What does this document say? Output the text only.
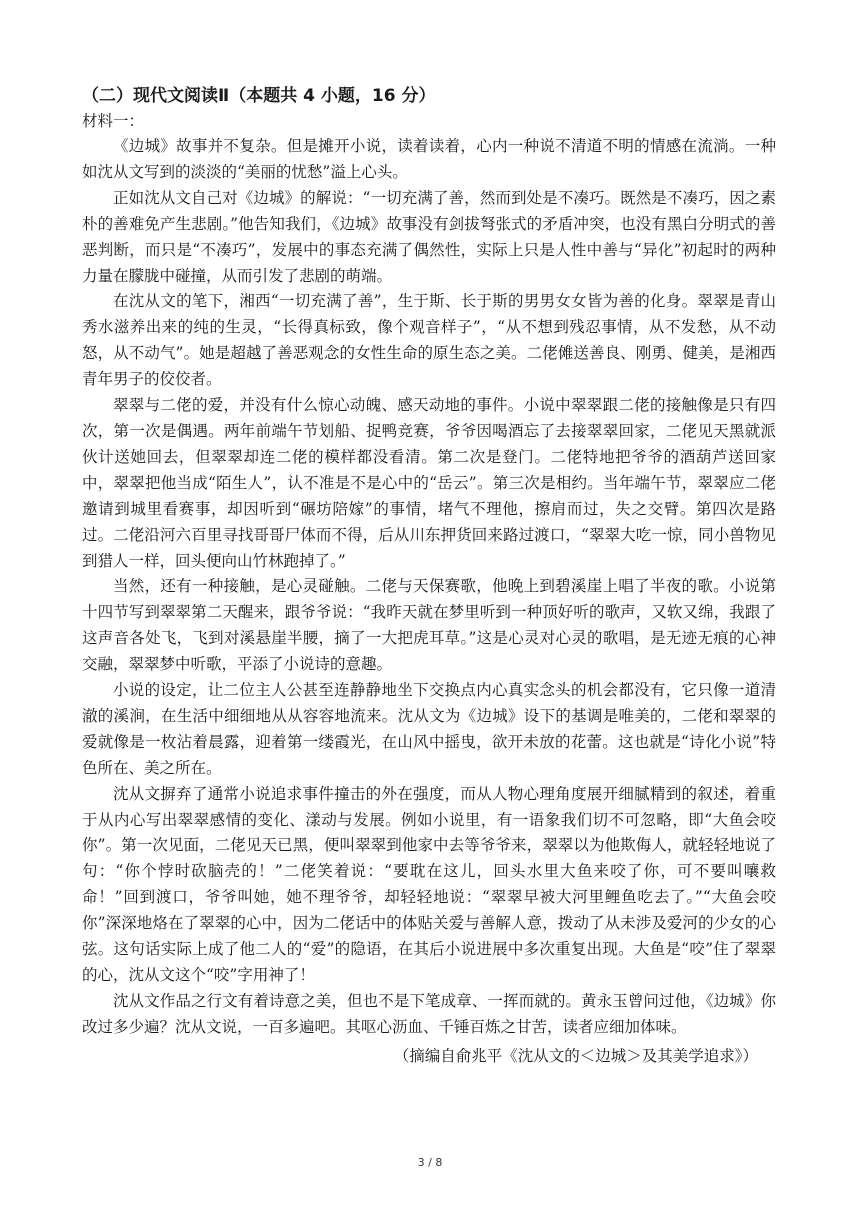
（二）现代文阅读Ⅱ（本题共 4 小题，16 分）
材料一：

《边城》故事并不复杂。但是摊开小说，读着读着，心内一种说不清道不明的情感在流淌。一种如沈从文写到的淡淡的“美丽的忧愁”溢上心头。

正如沈从文自己对《边城》的解说：“一切充满了善，然而到处是不凑巧。既然是不凑巧，因之素朴的善难免产生悲剧。”他告知我们，《边城》故事没有剑拔弩张式的矛盾冲突，也没有黑白分明式的善恶判断，而只是“不凑巧”，发展中的事态充满了偶然性，实际上只是人性中善与“异化”初起时的两种力量在朦胧中碰撞，从而引发了悲剧的萌端。

在沈从文的笔下，湘西“一切充满了善”，生于斯、长于斯的男男女女皆为善的化身。翠翠是青山秀水滋养出来的纯的生灵，“长得真标致，像个观音样子”，“从不想到残忍事情，从不发愁，从不动怒，从不动气”。她是超越了善恶观念的女性生命的原生态之美。二佬傩送善良、刚勇、健美，是湘西青年男子的佼佼者。

翠翠与二佬的爱，并没有什么惊心动魄、感天动地的事件。小说中翠翠跟二佬的接触像是只有四次，第一次是偶遇。两年前端午节划船、捉鸭竞赛，爷爷因喝酒忘了去接翠翠回家，二佬见天黑就派伙计送她回去，但翠翠却连二佬的模样都没看清。第二次是登门。二佬特地把爷爷的酒葫芦送回家中，翠翠把他当成“陌生人”，认不准是不是心中的“岳云”。第三次是相约。当年端午节，翠翠应二佬邀请到城里看赛事，却因听到“碾坊陪嫁”的事情，堵气不理他，擦肩而过，失之交臂。第四次是路过。二佬沿河六百里寻找哥哥尸体而不得，后从川东押货回来路过渡口，“翠翠大吃一惊，同小兽物见到猎人一样，回头便向山竹林跑掉了。”

当然，还有一种接触，是心灵碰触。二佬与天保赛歌，他晚上到碧溪崖上唱了半夜的歌。小说第十四节写到翠翠第二天醒来，跟爷爷说：“我昨天就在梦里听到一种顶好听的歌声，又软又绵，我跟了这声音各处飞，飞到对溪悬崖半腰，摘了一大把虎耳草。”这是心灵对心灵的歌唱，是无迹无痕的心神交融，翠翠梦中听歌，平添了小说诗的意趣。

小说的设定，让二位主人公甚至连静静地坐下交换点内心真实念头的机会都没有，它只像一道清澈的溪涧，在生活中细细地从从容容地流来。沈从文为《边城》设下的基调是唯美的，二佬和翠翠的爱就像是一枚沾着晨露，迎着第一缕霞光，在山风中摇曳，欲开未放的花蕾。这也就是“诗化小说”特色所在、美之所在。

沈从文摒弃了通常小说追求事件撞击的外在强度，而从人物心理角度展开细腻精到的叙述，着重于从内心写出翠翠感情的变化、漾动与发展。例如小说里，有一语象我们切不可忽略，即“大鱼会咬你”。第一次见面，二佬见天已黑，便叫翠翠到他家中去等爷爷来，翠翠以为他欺侮人，就轻轻地说了句：“你个悖时砍脑壳的！”二佬笑着说：“要耽在这儿，回头水里大鱼来咬了你，可不要叫嚷救命！”回到渡口，爷爷叫她，她不理爷爷，却轻轻地说：“翠翠早被大河里鲤鱼吃去了。”“大鱼会咬你”深深地烙在了翠翠的心中，因为二佬话中的体贴关爱与善解人意，拨动了从未涉及爱河的少女的心弦。这句话实际上成了他二人的“爱”的隐语，在其后小说进展中多次重复出现。大鱼是“咬”住了翠翠的心，沈从文这个“咬”字用神了！

沈从文作品之行文有着诗意之美，但也不是下笔成章、一挥而就的。黄永玉曾问过他，《边城》你改过多少遍？沈从文说，一百多遍吧。其呕心沥血、千锤百炼之甘苦，读者应细加体味。

（摘编自俞兆平《沈从文的＜边城＞及其美学追求》）
3 / 8
